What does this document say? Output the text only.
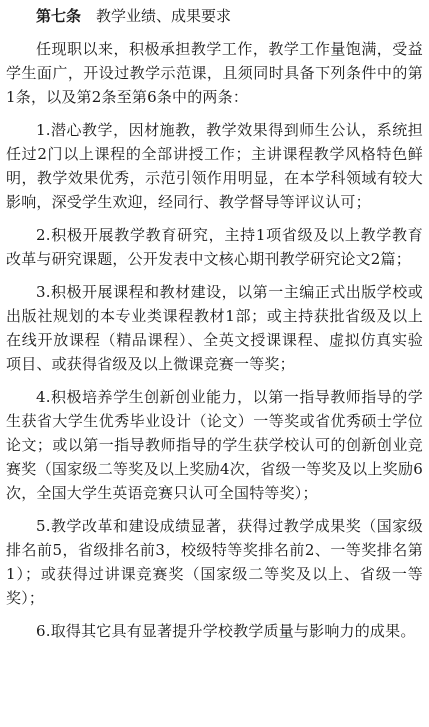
第七条 教学业绩、成果要求

任现职以来，积极承担教学工作，教学工作量饱满，受益学生面广，开设过教学示范课，且须同时具备下列条件中的第1条，以及第2条至第6条中的两条：

1.潜心教学，因材施教，教学效果得到师生公认，系统担任过2门以上课程的全部讲授工作；主讲课程教学风格特色鲜明，教学效果优秀，示范引领作用明显，在本学科领域有较大影响，深受学生欢迎，经同行、教学督导等评议认可；

2.积极开展教学教育研究，主持1项省级及以上教学教育改革与研究课题，公开发表中文核心期刊教学研究论文2篇；

3.积极开展课程和教材建设，以第一主编正式出版学校或出版社规划的本专业类课程教材1部；或主持获批省级及以上在线开放课程（精品课程）、全英文授课课程、虚拟仿真实验项目、或获得省级及以上微课竞赛一等奖；

4.积极培养学生创新创业能力，以第一指导教师指导的学生获省大学生优秀毕业设计（论文）一等奖或省优秀硕士学位论文；或以第一指导教师指导的学生获学校认可的创新创业竞赛奖（国家级二等奖及以上奖励4次，省级一等奖及以上奖励6次，全国大学生英语竞赛只认可全国特等奖）；

5.教学改革和建设成绩显著，获得过教学成果奖（国家级排名前5，省级排名前3，校级特等奖排名前2、一等奖排名第1）；或获得过讲课竞赛奖（国家级二等奖及以上、省级一等奖）；

6.取得其它具有显著提升学校教学质量与影响力的成果。
